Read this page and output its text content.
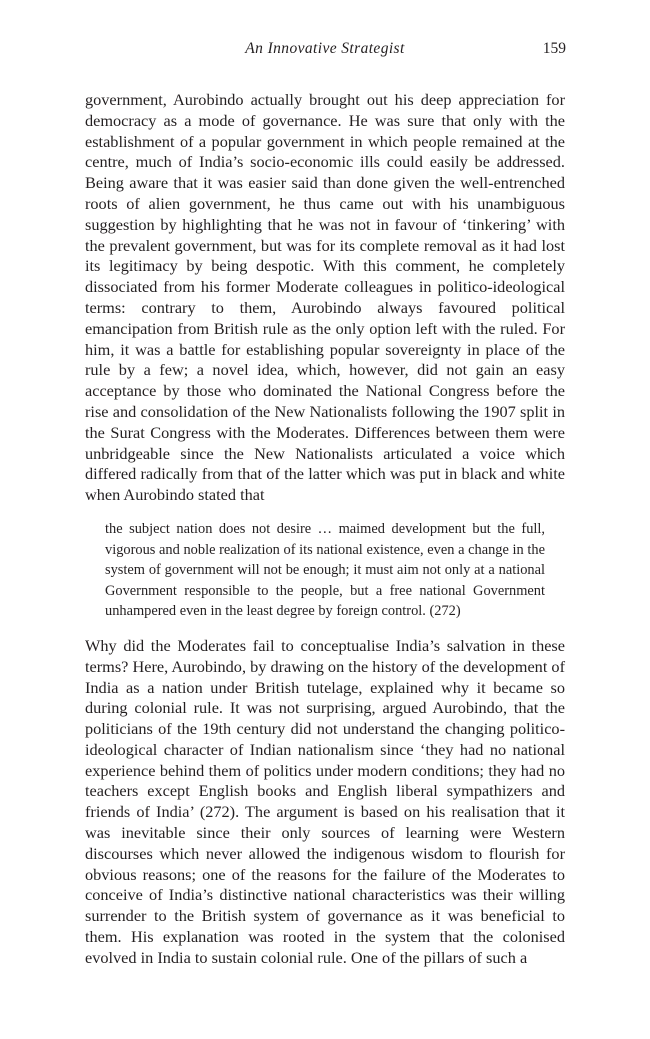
An Innovative Strategist	159

government, Aurobindo actually brought out his deep appreciation for democracy as a mode of governance. He was sure that only with the establishment of a popular government in which people remained at the centre, much of India’s socio-economic ills could easily be addressed. Being aware that it was easier said than done given the well-entrenched roots of alien government, he thus came out with his unambiguous suggestion by highlighting that he was not in favour of ‘tinkering’ with the prevalent government, but was for its complete removal as it had lost its legitimacy by being despotic. With this comment, he completely dissociated from his former Moderate colleagues in politico-ideological terms: contrary to them, Aurobindo always favoured political emancipation from British rule as the only option left with the ruled. For him, it was a battle for establishing popular sovereignty in place of the rule by a few; a novel idea, which, however, did not gain an easy acceptance by those who dominated the National Congress before the rise and consolidation of the New Nationalists following the 1907 split in the Surat Congress with the Moderates. Differences between them were unbridgeable since the New Nationalists articulated a voice which differed radically from that of the latter which was put in black and white when Aurobindo stated that

the subject nation does not desire … maimed development but the full, vigorous and noble realization of its national existence, even a change in the system of government will not be enough; it must aim not only at a national Government responsible to the people, but a free national Government unhampered even in the least degree by foreign control. (272)

Why did the Moderates fail to conceptualise India’s salvation in these terms? Here, Aurobindo, by drawing on the history of the development of India as a nation under British tutelage, explained why it became so during colonial rule. It was not surprising, argued Aurobindo, that the politicians of the 19th century did not understand the changing politico-ideological character of Indian nationalism since ‘they had no national experience behind them of politics under modern conditions; they had no teachers except English books and English liberal sympathizers and friends of India’ (272). The argument is based on his realisation that it was inevitable since their only sources of learning were Western discourses which never allowed the indigenous wisdom to flourish for obvious reasons; one of the reasons for the failure of the Moderates to conceive of India’s distinctive national characteristics was their willing surrender to the British system of governance as it was beneficial to them. His explanation was rooted in the system that the colonised evolved in India to sustain colonial rule. One of the pillars of such a
